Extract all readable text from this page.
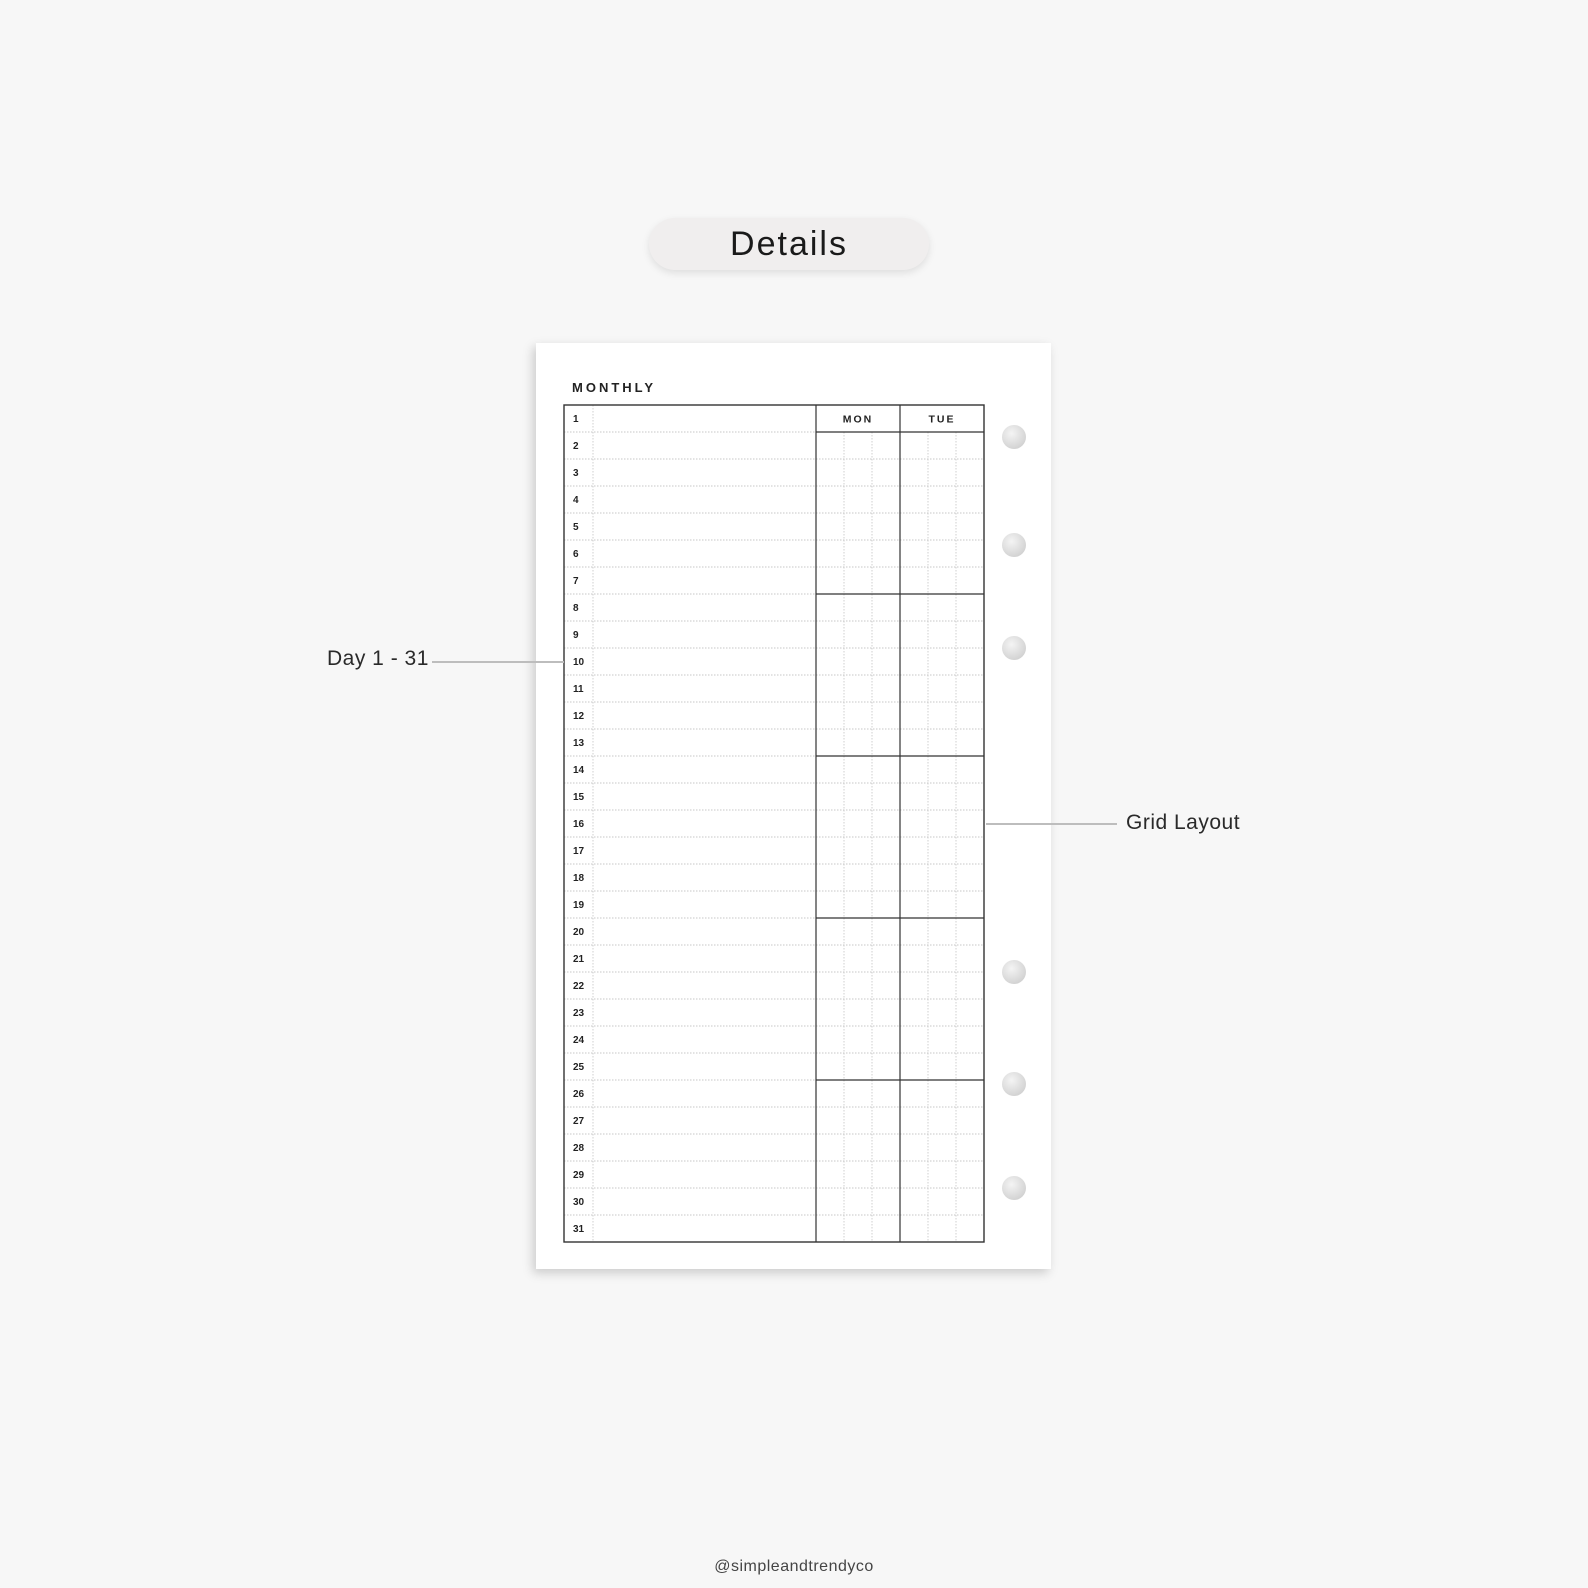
Details
MONTHLY
1
2
3
4
5
6
7
8
9
10
11
12
13
14
15
16
17
18
19
20
21
22
23
24
25
26
27
28
29
30
31
MON	TUE
Day 1 - 31
Grid Layout
@simpleandtrendyco
